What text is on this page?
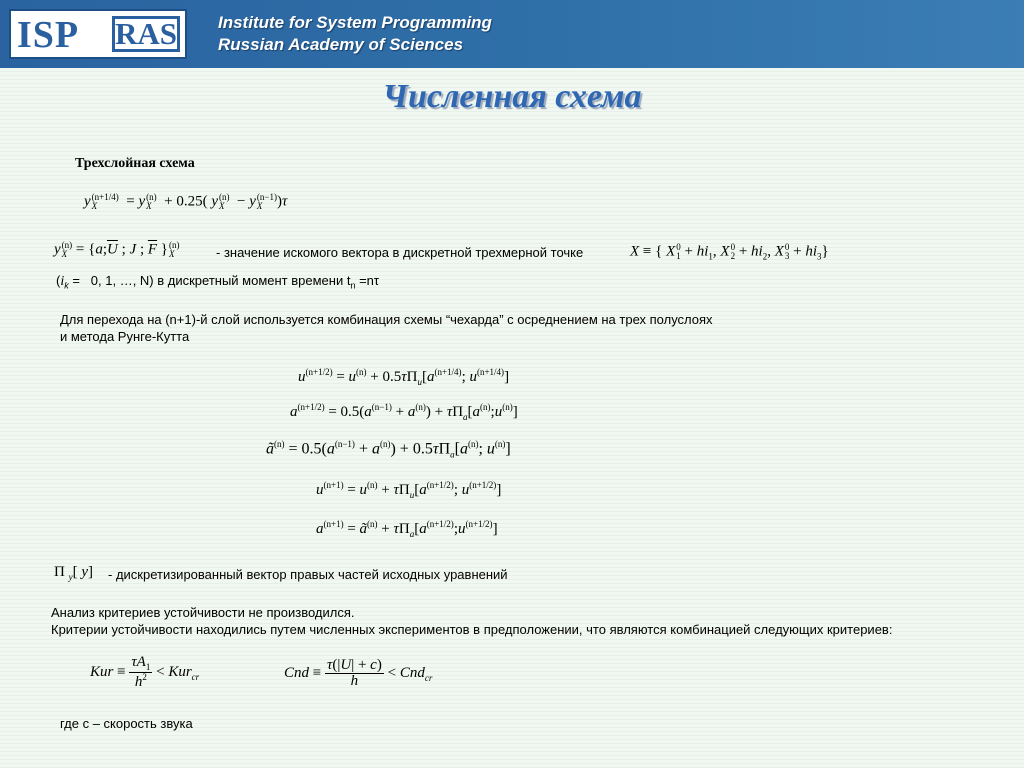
ISP RAS Institute for System Programming
Russian Academy of Sciences
Численная схема
Трехслойная схема
y (n+1/4)
X	= y (n)
X + 0.25( y (n)
X − y (n−1)
X )τ
y (n)
$X = \{a;\overline{U}$ ; J ; $\overline{F}$ } (n)
X	- значение искомого вектора в дискретной трехмерной точке	X ≡ { X 0
$1 + hi_1$, X 0
$2 + hi_2$, X 0
$3 + hi_3$}
($i_k = 0$, 1, …, N) в дискретный момент времени $t_n =n\tau$
Для перехода на (n+1)-й слой используется комбинация схемы “чехарда” с осреднением на трех полуслоях
и метода Рунге-Кутта
$u^{(n+1/2)} = u^{(n)} + 0.5\tau\Pi_u[a^{(n+1/4)}$; $u^{(n+1/4)}$]
$a^{(n+1/2)} = 0.5(a^{(n-1)} + a^{(n)})$ + $\tau\Pi_a[a^{(n)};u^{(n)}]$
$ã^{(n)} = 0.5(a^{(n-1)} + a^{(n)}) + 0.5\tau\Pi_a[a^{(n)}$; $u^{(n)}$]
$u^{(n+1)} = u^{(n)} + \tau\Pi_u[a^{(n+1/2)}$; $u^{(n+1/2)}$]
$a^{(n+1)}$ = $ã^{(n)}$ + $\tau\Pi_a[a^{(n+1/2)};u^{(n+1/2)}]$
Π $_y$[ y] - дискретизированный вектор правых частей исходных уравнений
Анализ критериев устойчивости не производился.
Критерии устойчивости находились путем численных экспериментов в предположении, что являются комбинацией следующих критериев:
Kur ≡ $\frac{\tau A_1}{h^2} < Kur_{cr}$	Cnd ≡ $\frac{\tau(|U| + c)}{h} < Cnd_{cr}$
где c – скорость звука
